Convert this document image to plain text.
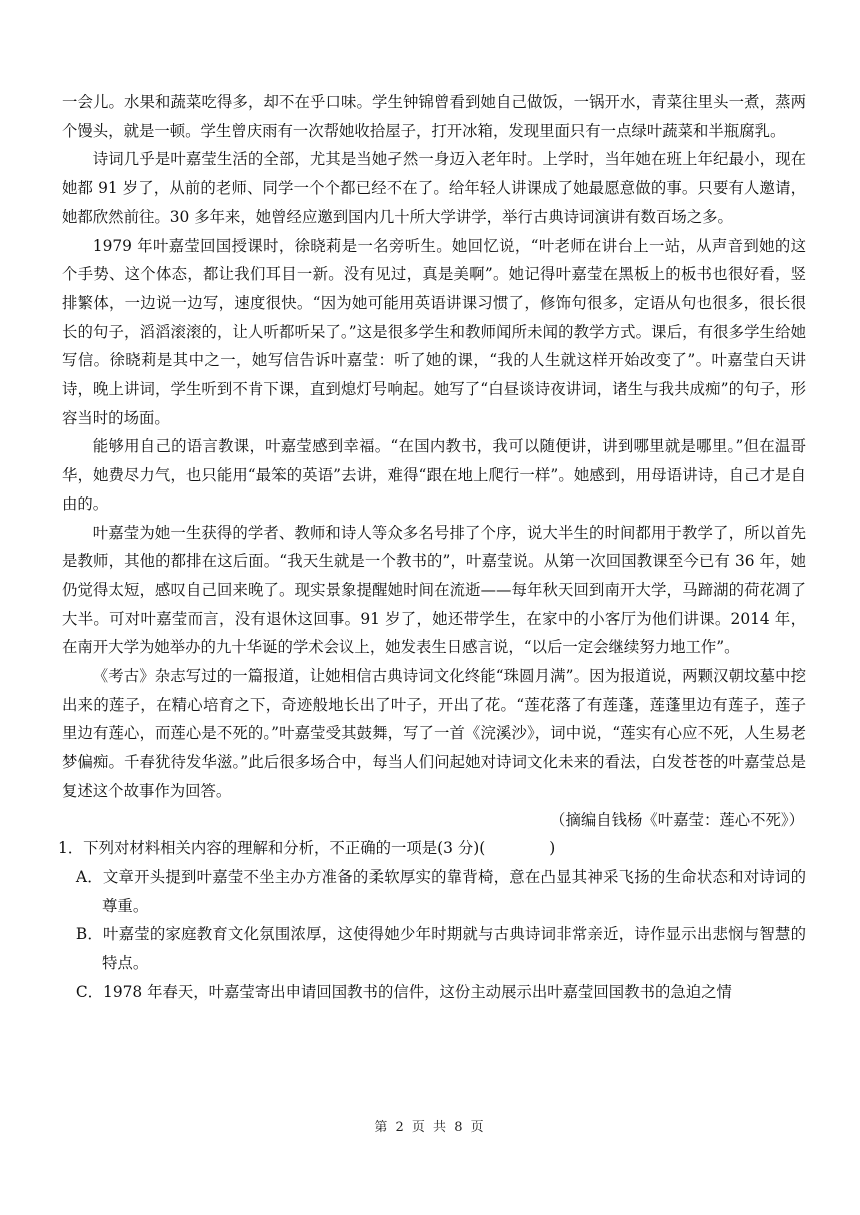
一会儿。水果和蔬菜吃得多，却不在乎口味。学生钟锦曾看到她自己做饭，一锅开水，青菜往里头一煮，蒸两个馒头，就是一顿。学生曾庆雨有一次帮她收拾屋子，打开冰箱，发现里面只有一点绿叶蔬菜和半瓶腐乳。

诗词几乎是叶嘉莹生活的全部，尤其是当她孑然一身迈入老年时。上学时，当年她在班上年纪最小，现在她都 91 岁了，从前的老师、同学一个个都已经不在了。给年轻人讲课成了她最愿意做的事。只要有人邀请，她都欣然前往。30 多年来，她曾经应邀到国内几十所大学讲学，举行古典诗词演讲有数百场之多。

1979 年叶嘉莹回国授课时，徐晓莉是一名旁听生。她回忆说，“叶老师在讲台上一站，从声音到她的这个手势、这个体态，都让我们耳目一新。没有见过，真是美啊”。她记得叶嘉莹在黑板上的板书也很好看，竖排繁体，一边说一边写，速度很快。“因为她可能用英语讲课习惯了，修饰句很多，定语从句也很多，很长很长的句子，滔滔滚滚的，让人听都听呆了。”这是很多学生和教师闻所未闻的教学方式。课后，有很多学生给她写信。徐晓莉是其中之一，她写信告诉叶嘉莹：听了她的课，“我的人生就这样开始改变了”。叶嘉莹白天讲诗，晚上讲词，学生听到不肯下课，直到熄灯号响起。她写了“白昼谈诗夜讲词，诸生与我共成痴”的句子，形容当时的场面。

能够用自己的语言教课，叶嘉莹感到幸福。“在国内教书，我可以随便讲，讲到哪里就是哪里。”但在温哥华，她费尽力气，也只能用“最笨的英语”去讲，难得“跟在地上爬行一样”。她感到，用母语讲诗，自己才是自由的。

叶嘉莹为她一生获得的学者、教师和诗人等众多名号排了个序，说大半生的时间都用于教学了，所以首先是教师，其他的都排在这后面。“我天生就是一个教书的”，叶嘉莹说。从第一次回国教课至今已有 36 年，她仍觉得太短，感叹自己回来晚了。现实景象提醒她时间在流逝——每年秋天回到南开大学，马蹄湖的荷花凋了大半。可对叶嘉莹而言，没有退休这回事。91 岁了，她还带学生，在家中的小客厅为他们讲课。2014 年，在南开大学为她举办的九十华诞的学术会议上，她发表生日感言说，“以后一定会继续努力地工作”。

《考古》杂志写过的一篇报道，让她相信古典诗词文化终能“珠圆月满”。因为报道说，两颗汉朝坟墓中挖出来的莲子，在精心培育之下，奇迹般地长出了叶子，开出了花。“莲花落了有莲蓬，莲蓬里边有莲子，莲子里边有莲心，而莲心是不死的。”叶嘉莹受其鼓舞，写了一首《浣溪沙》，词中说，“莲实有心应不死，人生易老梦偏痴。千春犹待发华滋。”此后很多场合中，每当人们问起她对诗词文化未来的看法，白发苍苍的叶嘉莹总是复述这个故事作为回答。

（摘编自钱杨《叶嘉莹：莲心不死》）

1．下列对材料相关内容的理解和分析，不正确的一项是(3 分)(	)

A．文章开头提到叶嘉莹不坐主办方准备的柔软厚实的靠背椅，意在凸显其神采飞扬的生命状态和对诗词的尊重。

B．叶嘉莹的家庭教育文化氛围浓厚，这使得她少年时期就与古典诗词非常亲近，诗作显示出悲悯与智慧的特点。

C．1978 年春天，叶嘉莹寄出申请回国教书的信件，这份主动展示出叶嘉莹回国教书的急迫之情

第 2 页 共 8 页
